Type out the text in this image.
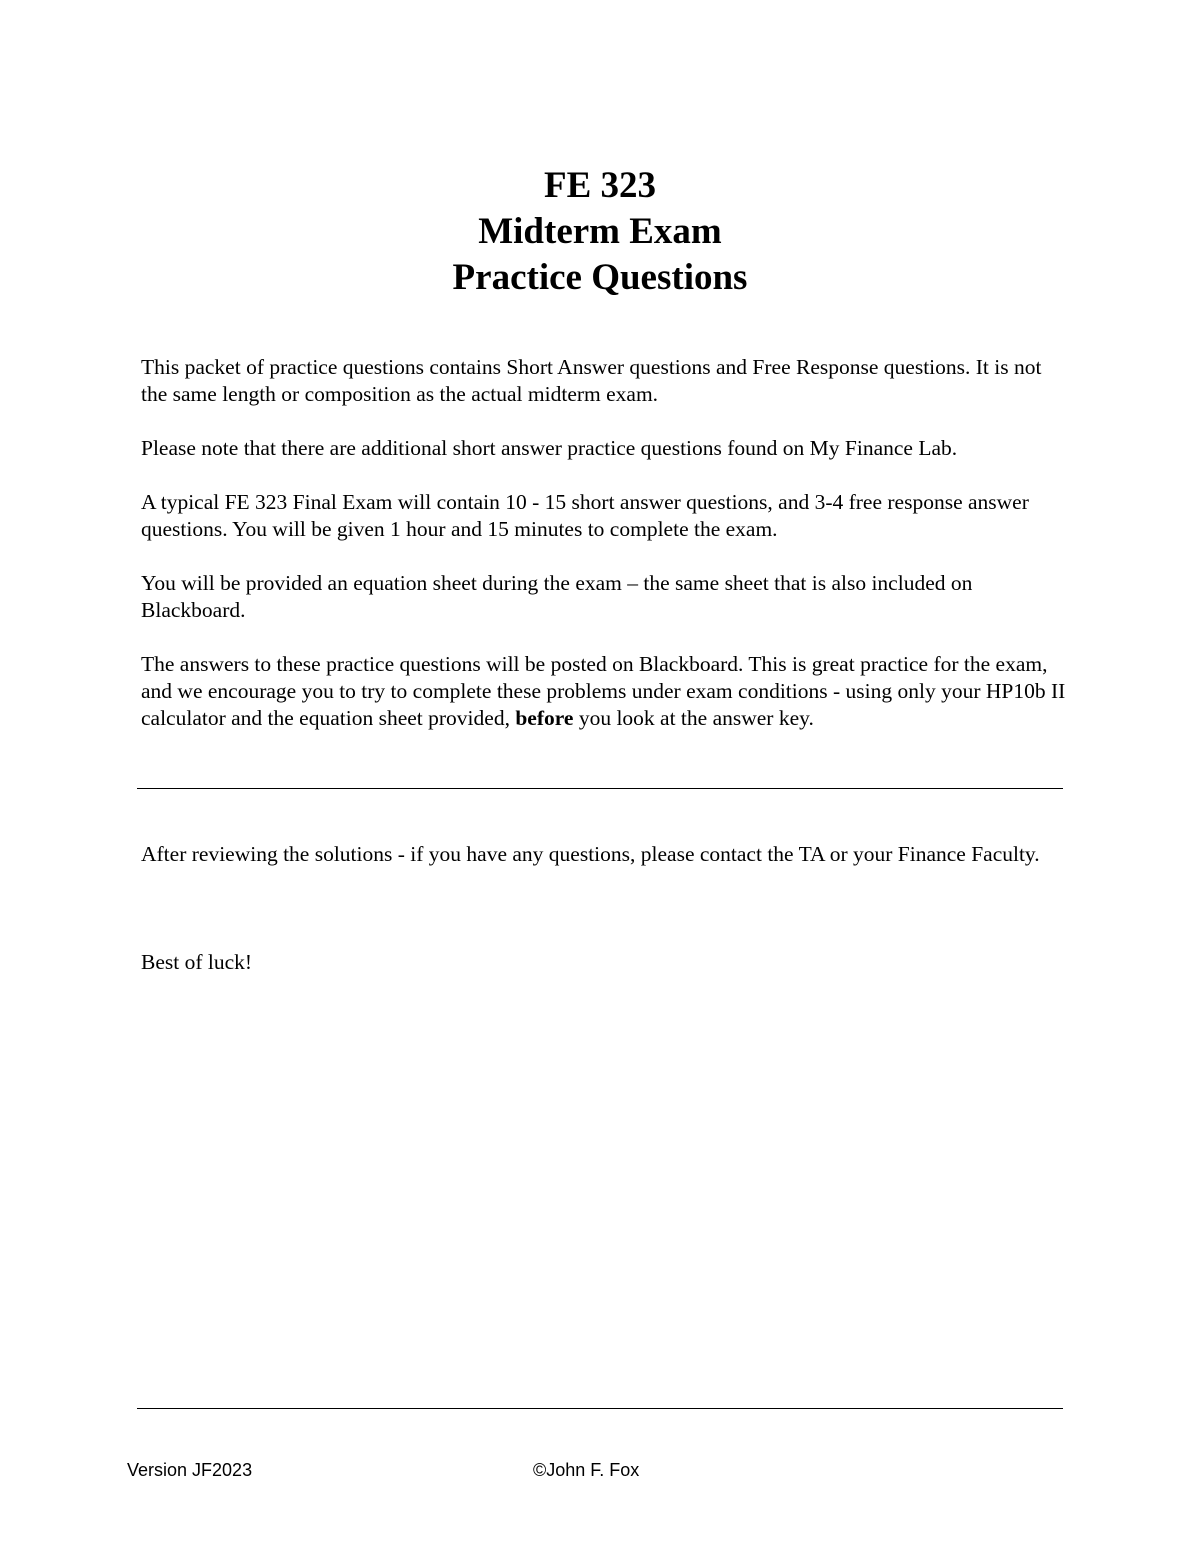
FE 323
Midterm Exam
Practice Questions

This packet of practice questions contains Short Answer questions and Free Response questions. It is not the same length or composition as the actual midterm exam.

Please note that there are additional short answer practice questions found on My Finance Lab.

A typical FE 323 Final Exam will contain 10 - 15 short answer questions, and 3-4 free response answer questions. You will be given 1 hour and 15 minutes to complete the exam.

You will be provided an equation sheet during the exam – the same sheet that is also included on Blackboard.

The answers to these practice questions will be posted on Blackboard. This is great practice for the exam, and we encourage you to try to complete these problems under exam conditions - using only your HP10b II calculator and the equation sheet provided, before you look at the answer key.

After reviewing the solutions - if you have any questions, please contact the TA or your Finance Faculty.

Best of luck!

Version JF2023	©John F. Fox
